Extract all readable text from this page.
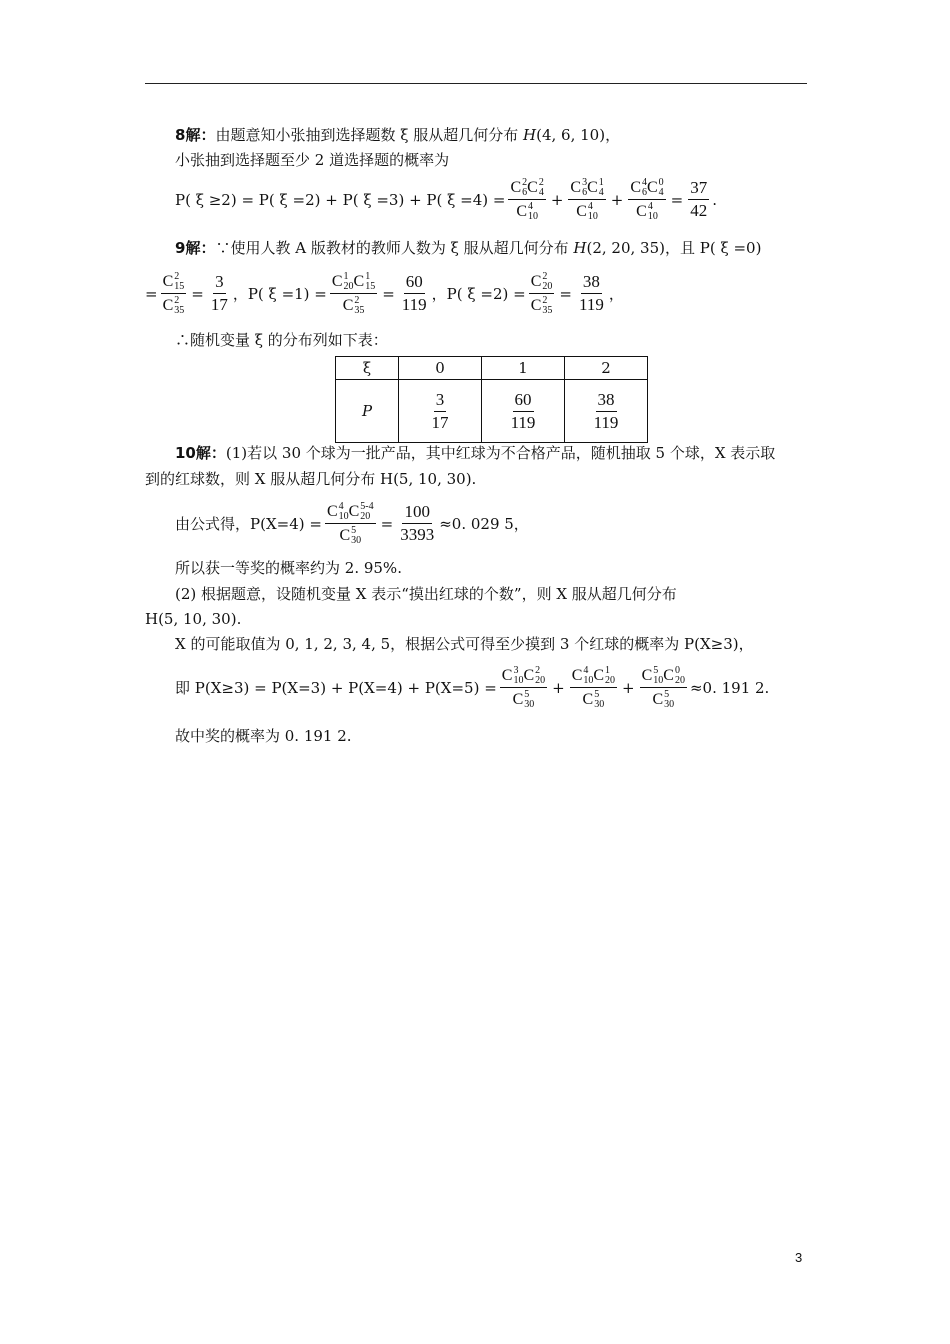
8解：由题意知小张抽到选择题数 ξ 服从超几何分布 H(4, 6, 10)，
小张抽到选择题至少 2 道选择题的概率为
P( ξ ≥2) = P( ξ =2) + P( ξ =3) + P( ξ =4) = C 2
6 C 2
4
C 4
10 + C 3
6 C 1
4
C 4
10 + C 4
6 C 0
4
C 4
$10 = \frac{37}{42}$ .
9解：∵使用人教 A 版教材的教师人数为 ξ 服从超几何分布 H(2, 20, 35)，且 P( ξ =0)
= C 2
15
C 2
$35 = \frac{3}{17}$ ，P( ξ =1) = C 1
20 C 1
15
C 2
$35 = \frac{60}{119}$ ，P( ξ =2) = C 2
20
C 2
$35 = \frac{38}{119}$ ，
∴随机变量 ξ 的分布列如下表：
ξ	0	1	2
P	$\frac{3}{17}$	$\frac{60}{119}$	$\frac{38}{119}$
10解：(1)若以 30 个球为一批产品，其中红球为不合格产品，随机抽取 5 个球，X 表示取
到的红球数，则 X 服从超几何分布 H(5, 10, 30).
由公式得，P(X=4) = C 4
10 C 5-4
20
C 5
$30 = \frac{100}{3393} \approx 0$. 029 5，
所以获一等奖的概率约为 2. 95%.
(2) 根据题意，设随机变量 X 表示“摸出红球的个数”，则 X 服从超几何分布
H(5, 10, 30).
X 的可能取值为 0, 1, 2, 3, 4, 5，根据公式可得至少摸到 3 个红球的概率为 P(X≥3)，
即 P(X≥3) = P(X=3) + P(X=4) + P(X=5) = C 3
10 C 2
20
C 5
30 + C 4
10 C 1
20
C 5
30 + C 5
10 C 0
20
C 5
30 ≈0. 191 2.
故中奖的概率为 0. 191 2.
3
